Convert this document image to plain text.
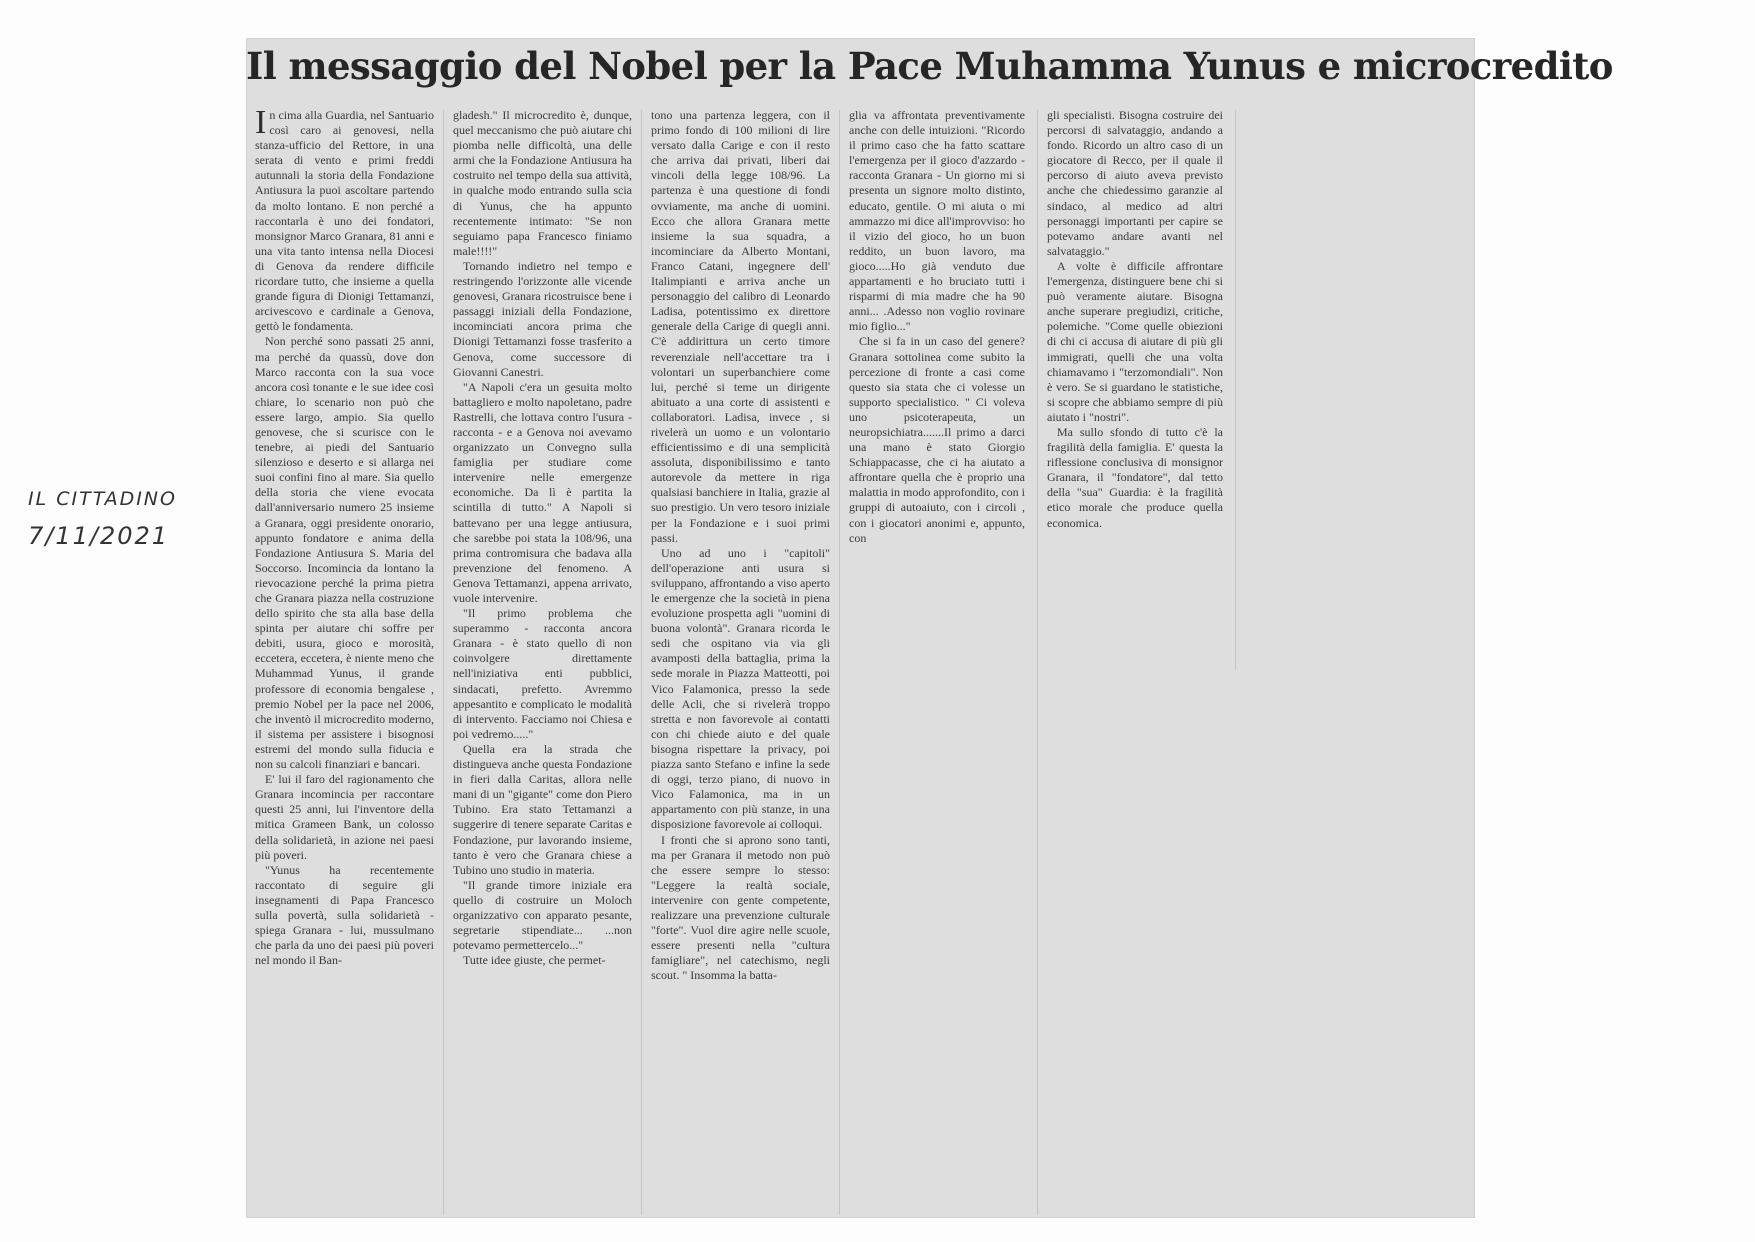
IL CITTADINO
7/11/2021
Il messaggio del Nobel per la Pace Muhamma Yunus e microcredito

In cima alla Guardia, nel Santuario così caro ai genovesi, nella stanza-ufficio del Rettore, in una serata di vento e primi freddi autunnali la storia della Fondazione Antiusura la puoi ascoltare partendo da molto lontano. E non perché a raccontarla è uno dei fondatori, monsignor Marco Granara, 81 anni e una vita tanto intensa nella Diocesi di Genova da rendere difficile ricordare tutto, che insieme a quella grande figura di Dionigi Tettamanzi, arcivescovo e cardinale a Genova, gettò le fondamenta.

Non perché sono passati 25 anni, ma perché da quassù, dove don Marco racconta con la sua voce ancora così tonante e le sue idee così chiare, lo scenario non può che essere largo, ampio. Sia quello genovese, che si scurisce con le tenebre, ai piedi del Santuario silenzioso e deserto e si allarga nei suoi confini fino al mare. Sia quello della storia che viene evocata dall'anniversario numero 25 insieme a Granara, oggi presidente onorario, appunto fondatore e anima della Fondazione Antiusura S. Maria del Soccorso. Incomincia da lontano la rievocazione perché la prima pietra che Granara piazza nella costruzione dello spirito che sta alla base della spinta per aiutare chi soffre per debiti, usura, gioco e morosità, eccetera, eccetera, è niente meno che Muhammad Yunus, il grande professore di economia bengalese , premio Nobel per la pace nel 2006, che inventò il microcredito moderno, il sistema per assistere i bisognosi estremi del mondo sulla fiducia e non su calcoli finanziari e bancari.

E' lui il faro del ragionamento che Granara incomincia per raccontare questi 25 anni, lui l'inventore della mitica Grameen Bank, un colosso della solidarietà, in azione nei paesi più poveri.

"Yunus ha recentemente raccontato di seguire gli insegnamenti di Papa Francesco sulla povertà, sulla solidarietà - spiega Granara - lui, mussulmano che parla da uno dei paesi più poveri nel mondo il Ban-

gladesh." Il microcredito è, dunque, quel meccanismo che può aiutare chi piomba nelle difficoltà, una delle armi che la Fondazione Antiusura ha costruito nel tempo della sua attività, in qualche modo entrando sulla scia di Yunus, che ha appunto recentemente intimato: "Se non seguiamo papa Francesco finiamo male!!!!"

Tornando indietro nel tempo e restringendo l'orizzonte alle vicende genovesi, Granara ricostruisce bene i passaggi iniziali della Fondazione, incominciati ancora prima che Dionigi Tettamanzi fosse trasferito a Genova, come successore di Giovanni Canestri.

"A Napoli c'era un gesuita molto battagliero e molto napoletano, padre Rastrelli, che lottava contro l'usura - racconta - e a Genova noi avevamo organizzato un Convegno sulla famiglia per studiare come intervenire nelle emergenze economiche. Da lì è partita la scintilla di tutto." A Napoli si battevano per una legge antiusura, che sarebbe poi stata la 108/96, una prima contromisura che badava alla prevenzione del fenomeno. A Genova Tettamanzi, appena arrivato, vuole intervenire.

"Il primo problema che superammo - racconta ancora Granara - è stato quello di non coinvolgere direttamente nell'iniziativa enti pubblici, sindacati, prefetto. Avremmo appesantito e complicato le modalità di intervento. Facciamo noi Chiesa e poi vedremo....."

Quella era la strada che distingueva anche questa Fondazione in fieri dalla Caritas, allora nelle mani di un "gigante" come don Piero Tubino. Era stato Tettamanzi a suggerire di tenere separate Caritas e Fondazione, pur lavorando insieme, tanto è vero che Granara chiese a Tubino uno studio in materia.

"Il grande timore iniziale era quello di costruire un Moloch organizzativo con apparato pesante, segretarie stipendiate... ...non potevamo permettercelo..."

Tutte idee giuste, che permet-

tono una partenza leggera, con il primo fondo di 100 milioni di lire versato dalla Carige e con il resto che arriva dai privati, liberi dai vincoli della legge 108/96. La partenza è una questione di fondi ovviamente, ma anche di uomini. Ecco che allora Granara mette insieme la sua squadra, a incominciare da Alberto Montani, Franco Catani, ingegnere dell' Italimpianti e arriva anche un personaggio del calibro di Leonardo Ladisa, potentissimo ex direttore generale della Carige di quegli anni. C'è addirittura un certo timore reverenziale nell'accettare tra i volontari un superbanchiere come lui, perché si teme un dirigente abituato a una corte di assistenti e collaboratori. Ladisa, invece , si rivelerà un uomo e un volontario efficientissimo e di una semplicità assoluta, disponibilissimo e tanto autorevole da mettere in riga qualsiasi banchiere in Italia, grazie al suo prestigio. Un vero tesoro iniziale per la Fondazione e i suoi primi passi.

Uno ad uno i "capitoli" dell'operazione anti usura si sviluppano, affrontando a viso aperto le emergenze che la società in piena evoluzione prospetta agli "uomini di buona volontà". Granara ricorda le sedi che ospitano via via gli avamposti della battaglia, prima la sede morale in Piazza Matteotti, poi Vico Falamonica, presso la sede delle Acli, che si rivelerà troppo stretta e non favorevole ai contatti con chi chiede aiuto e del quale bisogna rispettare la privacy, poi piazza santo Stefano e infine la sede di oggi, terzo piano, di nuovo in Vico Falamonica, ma in un appartamento con più stanze, in una disposizione favorevole ai colloqui.

I fronti che si aprono sono tanti, ma per Granara il metodo non può che essere sempre lo stesso: "Leggere la realtà sociale, intervenire con gente competente, realizzare una prevenzione culturale "forte". Vuol dire agire nelle scuole, essere presenti nella "cultura famigliare", nel catechismo, negli scout. " Insomma la batta-

glia va affrontata preventivamente anche con delle intuizioni. "Ricordo il primo caso che ha fatto scattare l'emergenza per il gioco d'azzardo - racconta Granara - Un giorno mi si presenta un signore molto distinto, educato, gentile. O mi aiuta o mi ammazzo mi dice all'improvviso: ho il vizio del gioco, ho un buon reddito, un buon lavoro, ma gioco.....Ho già venduto due appartamenti e ho bruciato tutti i risparmi di mia madre che ha 90 anni... .Adesso non voglio rovinare mio figlio..."

Che si fa in un caso del genere? Granara sottolinea come subito la percezione di fronte a casi come questo sia stata che ci volesse un supporto specialistico. " Ci voleva uno psicoterapeuta, un neuropsichiatra.......Il primo a darci una mano è stato Giorgio Schiappacasse, che ci ha aiutato a affrontare quella che è proprio una malattia in modo approfondito, con i gruppi di autoaiuto, con i circoli , con i giocatori anonimi e, appunto, con

gli specialisti. Bisogna costruire dei percorsi di salvataggio, andando a fondo. Ricordo un altro caso di un giocatore di Recco, per il quale il percorso di aiuto aveva previsto anche che chiedessimo garanzie al sindaco, al medico ad altri personaggi importanti per capire se potevamo andare avanti nel salvataggio."

A volte è difficile affrontare l'emergenza, distinguere bene chi si può veramente aiutare. Bisogna anche superare pregiudizi, critiche, polemiche. "Come quelle obiezioni di chi ci accusa di aiutare di più gli immigrati, quelli che una volta chiamavamo i "terzomondiali". Non è vero. Se si guardano le statistiche, si scopre che abbiamo sempre di più aiutato i "nostri".

Ma sullo sfondo di tutto c'è la fragilità della famiglia. E' questa la riflessione conclusiva di monsignor Granara, il "fondatore", dal tetto della "sua" Guardia: è la fragilità etico morale che produce quella economica.
